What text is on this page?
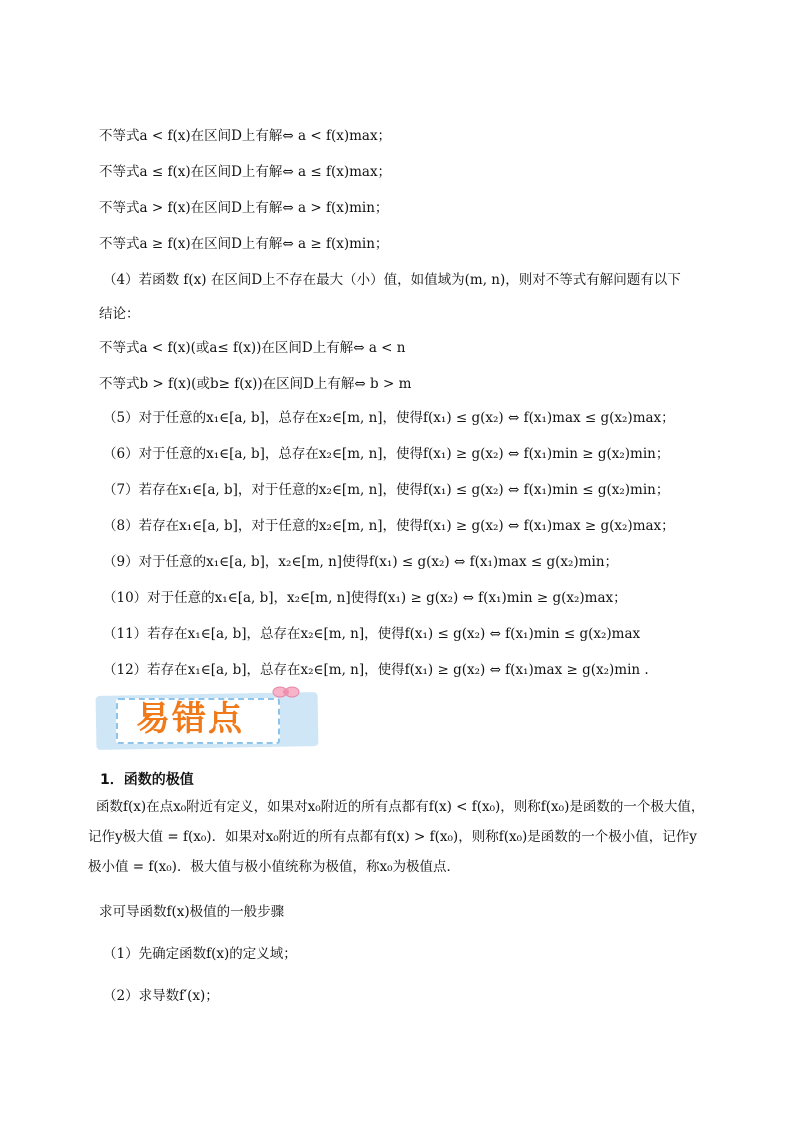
不等式a < f(x)在区间D上有解⇔ a < f(x)max；
不等式a ≤ f(x)在区间D上有解⇔ a ≤ f(x)max；
不等式a > f(x)在区间D上有解⇔ a > f(x)min；
不等式a ≥ f(x)在区间D上有解⇔ a ≥ f(x)min；
（4）若函数 f(x) 在区间D上不存在最大（小）值，如值域为(m, n)，则对不等式有解问题有以下
结论：
不等式a < f(x)(或a≤ f(x))在区间D上有解⇔ a < n
不等式b > f(x)(或b≥ f(x))在区间D上有解⇔ b > m
（5）对于任意的x₁∈[a, b]，总存在x₂∈[m, n]，使得f(x₁) ≤ g(x₂) ⇔ f(x₁)max ≤ g(x₂)max；
（6）对于任意的x₁∈[a, b]，总存在x₂∈[m, n]，使得f(x₁) ≥ g(x₂) ⇔ f(x₁)min ≥ g(x₂)min；
（7）若存在x₁∈[a, b]，对于任意的x₂∈[m, n]，使得f(x₁) ≤ g(x₂) ⇔ f(x₁)min ≤ g(x₂)min；
（8）若存在x₁∈[a, b]，对于任意的x₂∈[m, n]，使得f(x₁) ≥ g(x₂) ⇔ f(x₁)max ≥ g(x₂)max；
（9）对于任意的x₁∈[a, b]，x₂∈[m, n]使得f(x₁) ≤ g(x₂) ⇔ f(x₁)max ≤ g(x₂)min；
（10）对于任意的x₁∈[a, b]，x₂∈[m, n]使得f(x₁) ≥ g(x₂) ⇔ f(x₁)min ≥ g(x₂)max；
（11）若存在x₁∈[a, b]，总存在x₂∈[m, n]，使得f(x₁) ≤ g(x₂) ⇔ f(x₁)min ≤ g(x₂)max
（12）若存在x₁∈[a, b]，总存在x₂∈[m, n]，使得f(x₁) ≥ g(x₂) ⇔ f(x₁)max ≥ g(x₂)min .
易错点
1．函数的极值
函数f(x)在点x₀附近有定义，如果对x₀附近的所有点都有f(x) < f(x₀)，则称f(x₀)是函数的一个极大值，记作y极大值 = f(x₀)．如果对x₀附近的所有点都有f(x) > f(x₀)，则称f(x₀)是函数的一个极小值，记作y极小值 = f(x₀)．极大值与极小值统称为极值，称x₀为极值点．
求可导函数f(x)极值的一般步骤
（1）先确定函数f(x)的定义域；
（2）求导数f′(x)；
